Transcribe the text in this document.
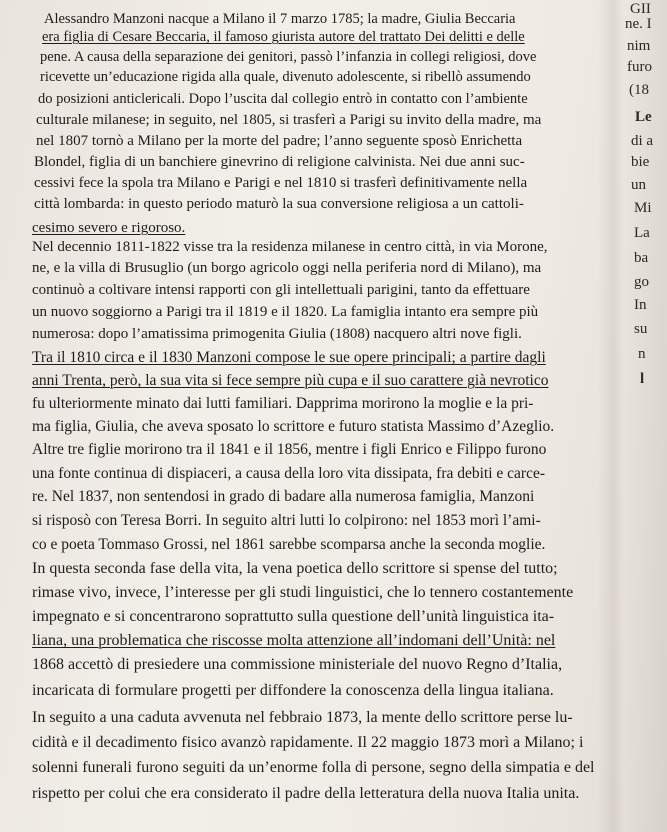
Alessandro Manzoni nacque a Milano il 7 marzo 1785; la madre, Giulia Beccaria
era figlia di Cesare Beccaria, il famoso giurista autore del trattato Dei delitti e delle
pene. A causa della separazione dei genitori, passò l’infanzia in collegi religiosi, dove
ricevette un’educazione rigida alla quale, divenuto adolescente, si ribellò assumendo
do posizioni anticlericali. Dopo l’uscita dal collegio entrò in contatto con l’ambiente
culturale milanese; in seguito, nel 1805, si trasferì a Parigi su invito della madre, ma
nel 1807 tornò a Milano per la morte del padre; l’anno seguente sposò Enrichetta
Blondel, figlia di un banchiere ginevrino di religione calvinista. Nei due anni suc-
cessivi fece la spola tra Milano e Parigi e nel 1810 si trasferì definitivamente nella
città lombarda: in questo periodo maturò la sua conversione religiosa a un cattoli-
cesimo severo e rigoroso.
Nel decennio 1811-1822 visse tra la residenza milanese in centro città, in via Morone,
ne, e la villa di Brusuglio (un borgo agricolo oggi nella periferia nord di Milano), ma
continuò a coltivare intensi rapporti con gli intellettuali parigini, tanto da effettuare
un nuovo soggiorno a Parigi tra il 1819 e il 1820. La famiglia intanto era sempre più
numerosa: dopo l’amatissima primogenita Giulia (1808) nacquero altri nove figli.
Tra il 1810 circa e il 1830 Manzoni compose le sue opere principali; a partire dagli
anni Trenta, però, la sua vita si fece sempre più cupa e il suo carattere già nevrotico
fu ulteriormente minato dai lutti familiari. Dapprima morirono la moglie e la pri-
ma figlia, Giulia, che aveva sposato lo scrittore e futuro statista Massimo d’Azeglio.
Altre tre figlie morirono tra il 1841 e il 1856, mentre i figli Enrico e Filippo furono
una fonte continua di dispiaceri, a causa della loro vita dissipata, fra debiti e carce-
re. Nel 1837, non sentendosi in grado di badare alla numerosa famiglia, Manzoni
si risposò con Teresa Borri. In seguito altri lutti lo colpirono: nel 1853 morì l’ami-
co e poeta Tommaso Grossi, nel 1861 sarebbe scomparsa anche la seconda moglie.
In questa seconda fase della vita, la vena poetica dello scrittore si spense del tutto;
rimase vivo, invece, l’interesse per gli studi linguistici, che lo tennero costantemente
impegnato e si concentrarono soprattutto sulla questione dell’unità linguistica ita-
liana, una problematica che riscosse molta attenzione all’indomani dell’Unità: nel
1868 accettò di presiedere una commissione ministeriale del nuovo Regno d’Italia,
incaricata di formulare progetti per diffondere la conoscenza della lingua italiana.
In seguito a una caduta avvenuta nel febbraio 1873, la mente dello scrittore perse lu-
cidità e il decadimento fisico avanzò rapidamente. Il 22 maggio 1873 morì a Milano; i
solenni funerali furono seguiti da un’enorme folla di persone, segno della simpatia e del
rispetto per colui che era considerato il padre della letteratura della nuova Italia unita.
GII
ne. I
nim
furo
(18
Le
di a
bie
un
Mi
La
ba
go
In
su
n
l
